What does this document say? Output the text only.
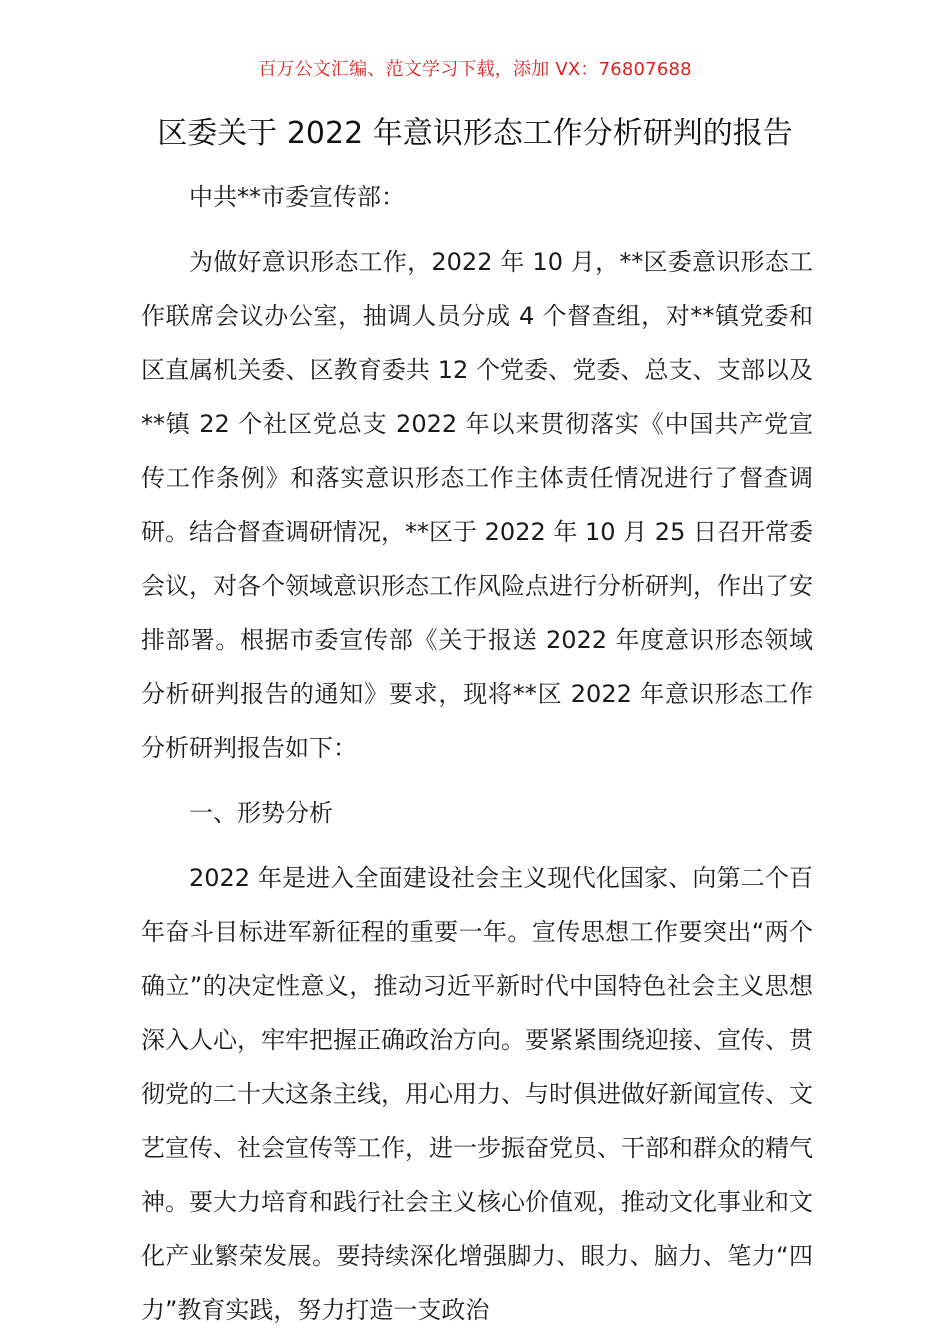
百万公文汇编、范文学习下载，添加 VX：76807688
区委关于 2022 年意识形态工作分析研判的报告

中共**市委宣传部：

为做好意识形态工作，2022 年 10 月，**区委意识形态工作联席会议办公室，抽调人员分成 4 个督查组，对**镇党委和区直属机关委、区教育委共 12 个党委、党委、总支、支部以及**镇 22 个社区党总支 2022 年以来贯彻落实《中国共产党宣传工作条例》和落实意识形态工作主体责任情况进行了督查调研。结合督查调研情况，**区于 2022 年 10 月 25 日召开常委会议，对各个领域意识形态工作风险点进行分析研判，作出了安排部署。根据市委宣传部《关于报送 2022 年度意识形态领域分析研判报告的通知》要求，现将**区 2022 年意识形态工作分析研判报告如下：

一、形势分析

2022 年是进入全面建设社会主义现代化国家、向第二个百年奋斗目标进军新征程的重要一年。宣传思想工作要突出“两个确立”的决定性意义，推动习近平新时代中国特色社会主义思想深入人心，牢牢把握正确政治方向。要紧紧围绕迎接、宣传、贯彻党的二十大这条主线，用心用力、与时俱进做好新闻宣传、文艺宣传、社会宣传等工作，进一步振奋党员、干部和群众的精气神。要大力培育和践行社会主义核心价值观，推动文化事业和文化产业繁荣发展。要持续深化增强脚力、眼力、脑力、笔力“四力”教育实践，努力打造一支政治
